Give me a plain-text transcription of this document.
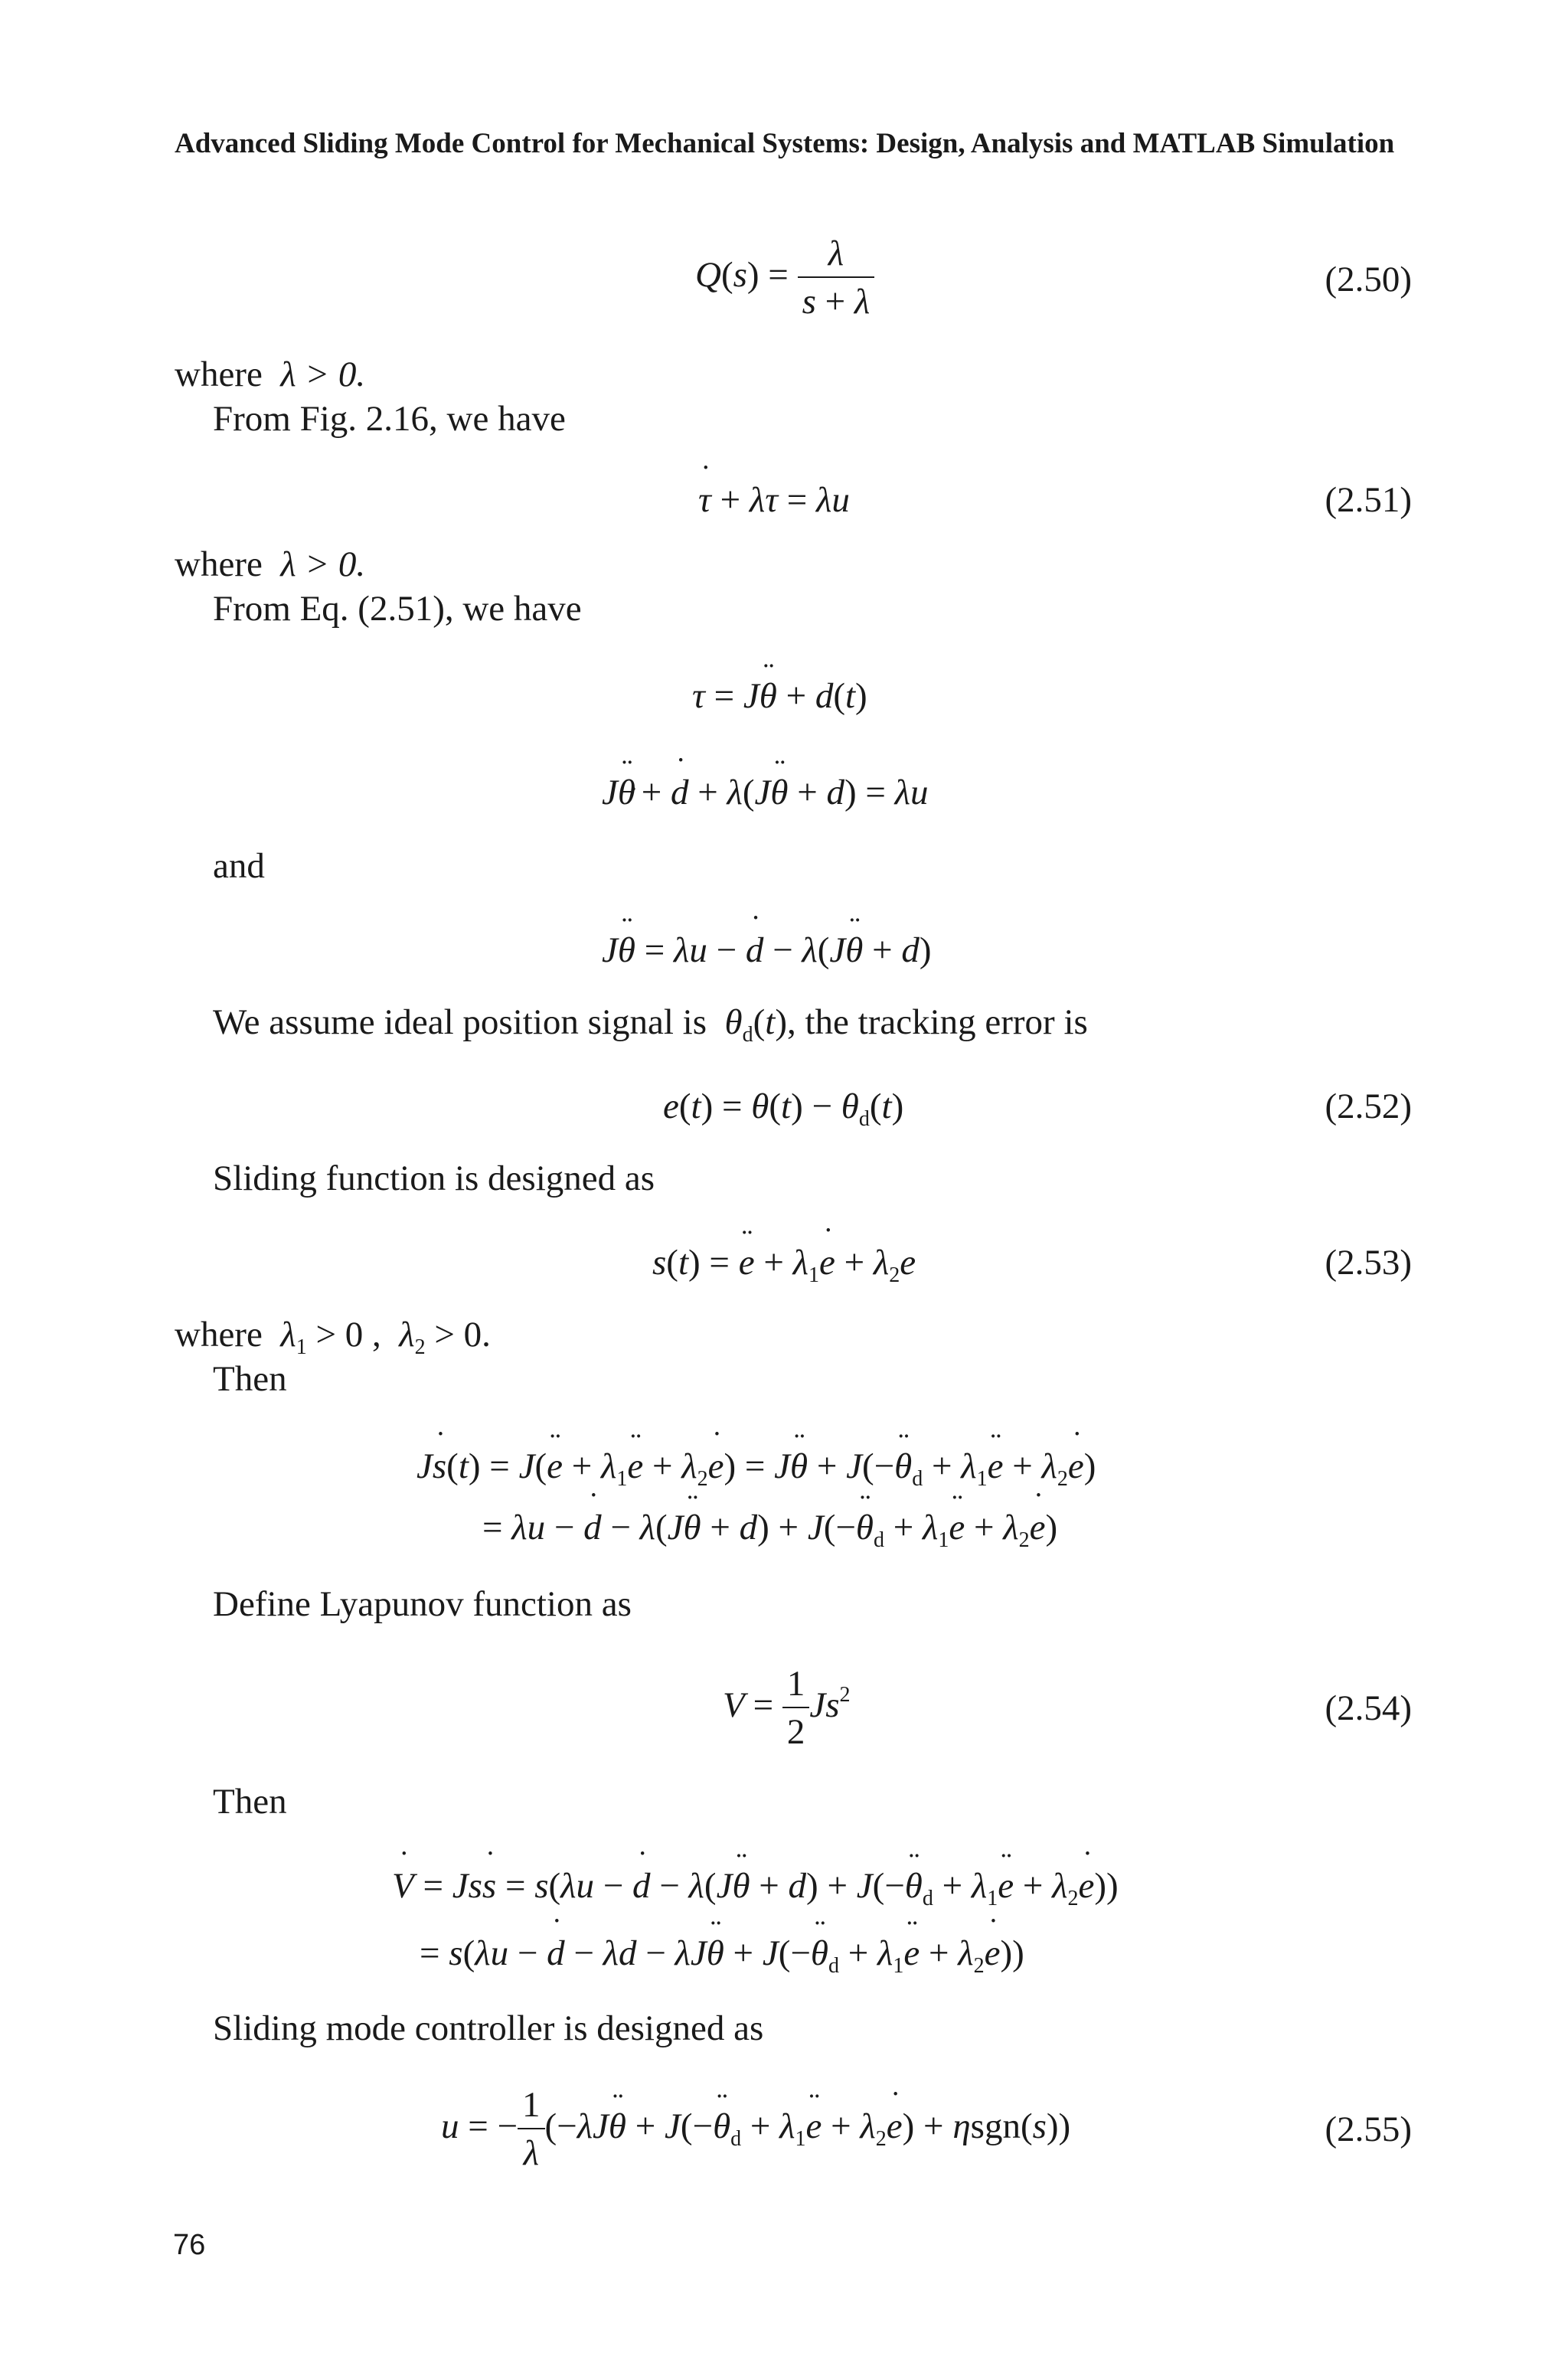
Advanced Sliding Mode Control for Mechanical Systems: Design, Analysis and MATLAB Simulation
$Q(s) = \frac{\lambda}{s + \lambda}$	(2.50)
where λ > 0.
From Fig. 2.16, we have
˙ τ + λτ = λu	(2.51)
where λ > 0.
From Eq. (2.51), we have
τ = J¨ θ + d(t)
J¨ θ + ˙ d + λ(J¨ θ + d) = λu
and
J¨ θ = λu − ˙ d − λ(J¨ θ + d)
We assume ideal position signal is $\theta_d(t)$, the tracking error is
$e(t) = \theta(t) - \theta_d(t)$	(2.52)
Sliding function is designed as
s(t) = ¨ $e + \lambda_1˙$ $e + \lambda_2e$	(2.53)
where $\lambda_1 > 0$ ,  $\lambda_2 > 0$.
Then
J˙ s(t) = J(¨ $e + \lambda_1¨$ $e + \lambda_2˙$ e) = J¨ θ + J(−¨ $\theta_d$ + $\lambda_1¨$ $e + \lambda_2˙$ e)
= λu − ˙ d − λ(J¨ θ + d) + J(−¨ $\theta_d$ + $\lambda_1¨$ $e + \lambda_2˙$ e)
Define Lyapunov function as
$V = \frac{1}{2} Js^2$	(2.54)
Then
˙ V = Js˙ s = s(λu − ˙ d − λ(J¨ θ + d) + J(−¨ $\theta_d$ + $\lambda_1¨$ $e + \lambda_2˙$ e))
= s(λu − ˙ d − λd − λJ¨ θ + J(−¨ $\theta_d$ + $\lambda_1¨$ $e + \lambda_2˙$ e))
Sliding mode controller is designed as
u = − $\frac{1}{\lambda}$ (−λJ¨ θ + J(−¨ $\theta_d$ + $\lambda_1¨$ $e + \lambda_2˙$ e) + ηsgn(s))	(2.55)
76
